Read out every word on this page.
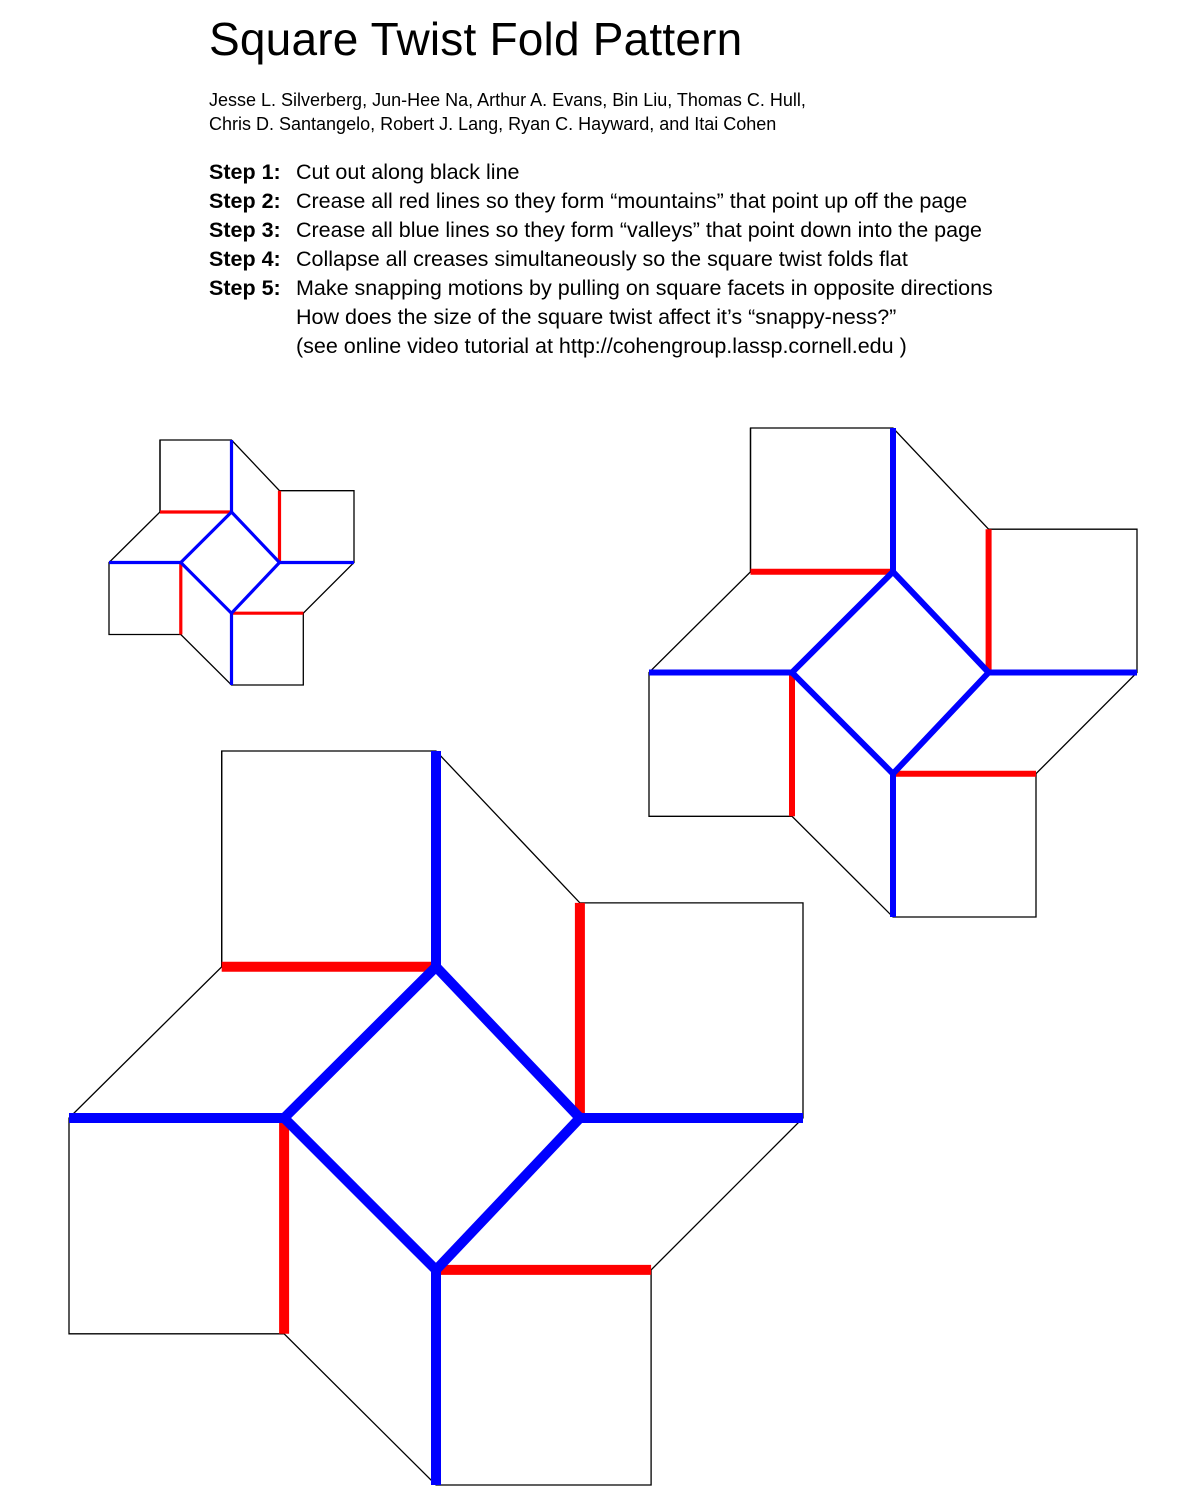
Square Twist Fold Pattern
Jesse L. Silverberg, Jun-Hee Na, Arthur A. Evans, Bin Liu, Thomas C. Hull,
Chris D. Santangelo, Robert J. Lang, Ryan C. Hayward, and Itai Cohen
Step 1: Cut out along black line
Step 2: Crease all red lines so they form “mountains” that point up off the page
Step 3: Crease all blue lines so they form “valleys” that point down into the page
Step 4: Collapse all creases simultaneously so the square twist folds flat
Step 5: Make snapping motions by pulling on square facets in opposite directions
How does the size of the square twist affect it’s “snappy-ness?”
(see online video tutorial at http://cohengroup.lassp.cornell.edu )
